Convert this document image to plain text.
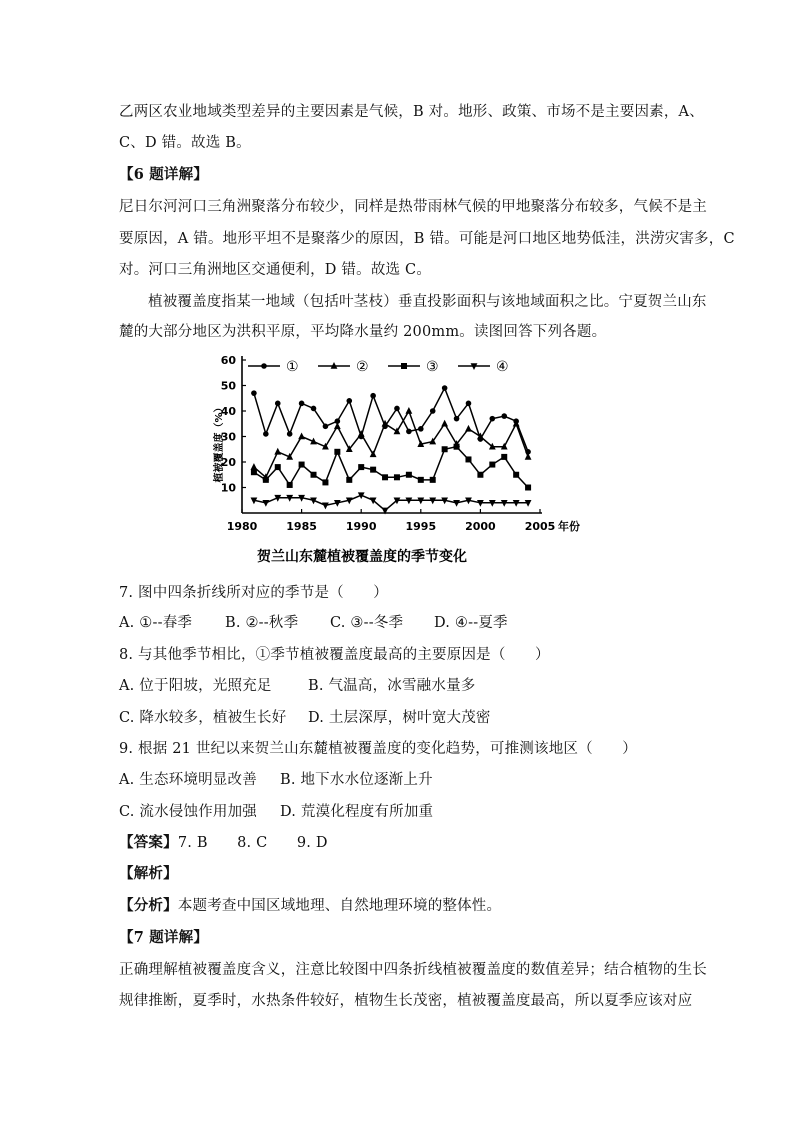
乙两区农业地域类型差异的主要因素是气候，B 对。地形、政策、市场不是主要因素，A、
C、D 错。故选 B。
【6 题详解】
尼日尔河河口三角洲聚落分布较少，同样是热带雨林气候的甲地聚落分布较多，气候不是主
要原因，A 错。地形平坦不是聚落少的原因，B 错。可能是河口地区地势低洼，洪涝灾害多，C
对。河口三角洲地区交通便利，D 错。故选 C。
植被覆盖度指某一地域（包括叶茎枝）垂直投影面积与该地域面积之比。宁夏贺兰山东
麓的大部分地区为洪积平原，平均降水量约 200mm。读图回答下列各题。
10
20
30
40
50
60
1980	1985	1990	1995	2000	2005 年份
植被覆盖度（%）
①	②	③	④
贺兰山东麓植被覆盖度的季节变化
7. 图中四条折线所对应的季节是（　　）
A. ①--春季 B. ②--秋季 C. ③--冬季 D. ④--夏季
8. 与其他季节相比，①季节植被覆盖度最高的主要原因是（　　）
A. 位于阳坡，光照充足	B. 气温高，冰雪融水量多
C. 降水较多，植被生长好 D. 土层深厚，树叶宽大茂密
9. 根据 21 世纪以来贺兰山东麓植被覆盖度的变化趋势，可推测该地区（　　）
A. 生态环境明显改善 B. 地下水水位逐渐上升
C. 流水侵蚀作用加强 D. 荒漠化程度有所加重
【答案】7. B　　8. C　　9. D
【解析】
【分析】本题考查中国区域地理、自然地理环境的整体性。
【7 题详解】
正确理解植被覆盖度含义，注意比较图中四条折线植被覆盖度的数值差异；结合植物的生长
规律推断，夏季时，水热条件较好，植物生长茂密，植被覆盖度最高，所以夏季应该对应
